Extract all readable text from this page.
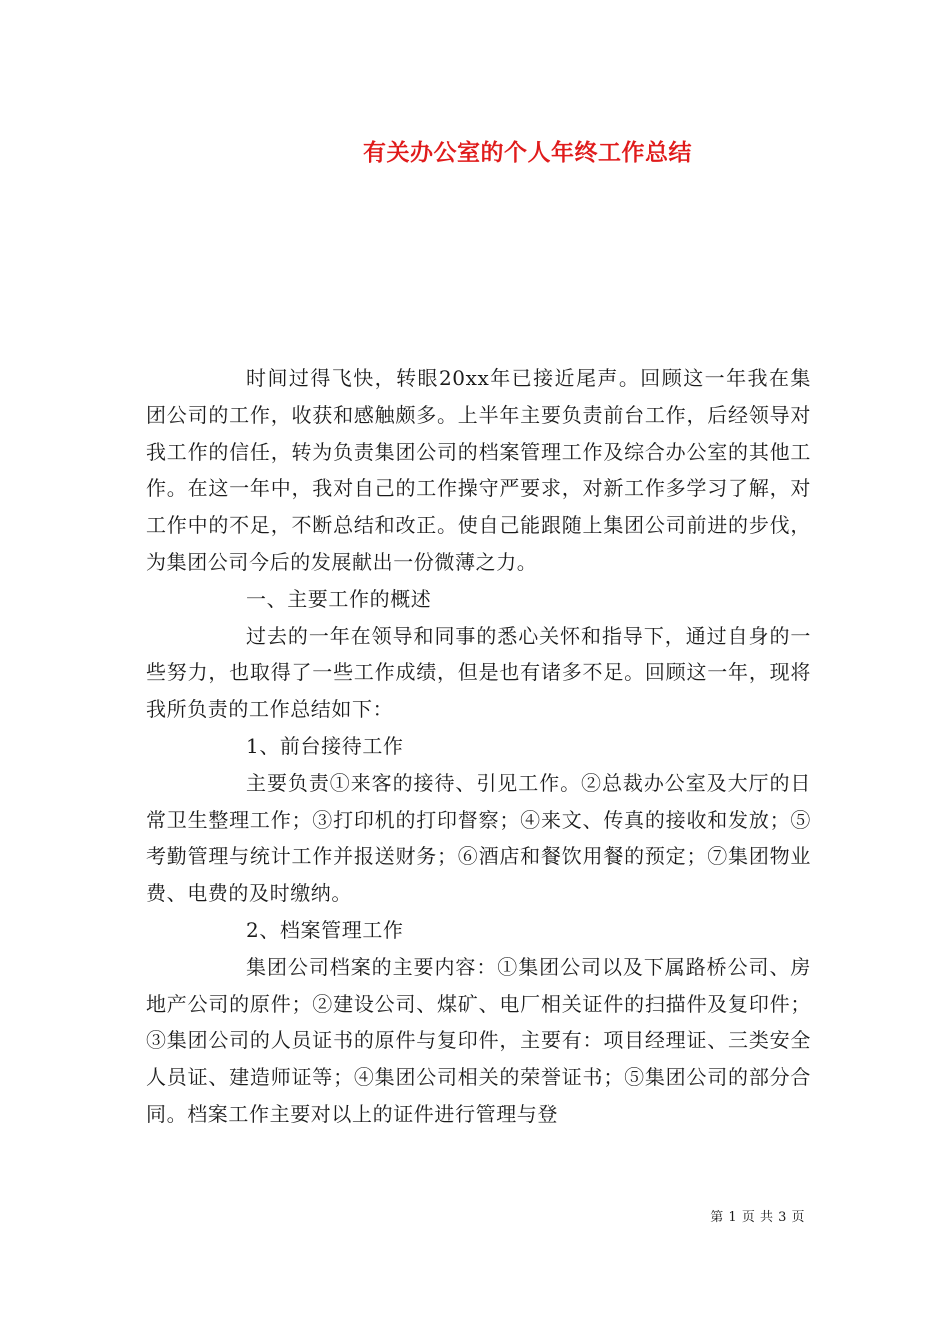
有关办公室的个人年终工作总结

时间过得飞快，转眼20xx年已接近尾声。回顾这一年我在集团公司的工作，收获和感触颇多。上半年主要负责前台工作，后经领导对我工作的信任，转为负责集团公司的档案管理工作及综合办公室的其他工作。在这一年中，我对自己的工作操守严要求，对新工作多学习了解，对工作中的不足，不断总结和改正。使自己能跟随上集团公司前进的步伐，为集团公司今后的发展献出一份微薄之力。

一、主要工作的概述

过去的一年在领导和同事的悉心关怀和指导下，通过自身的一些努力，也取得了一些工作成绩，但是也有诸多不足。回顾这一年，现将我所负责的工作总结如下：

1、前台接待工作

主要负责①来客的接待、引见工作。②总裁办公室及大厅的日常卫生整理工作；③打印机的打印督察；④来文、传真的接收和发放；⑤考勤管理与统计工作并报送财务；⑥酒店和餐饮用餐的预定；⑦集团物业费、电费的及时缴纳。

2、档案管理工作

集团公司档案的主要内容：①集团公司以及下属路桥公司、房地产公司的原件；②建设公司、煤矿、电厂相关证件的扫描件及复印件；③集团公司的人员证书的原件与复印件，主要有：项目经理证、三类安全人员证、建造师证等；④集团公司相关的荣誉证书；⑤集团公司的部分合同。档案工作主要对以上的证件进行管理与登

第 1 页 共 3 页
